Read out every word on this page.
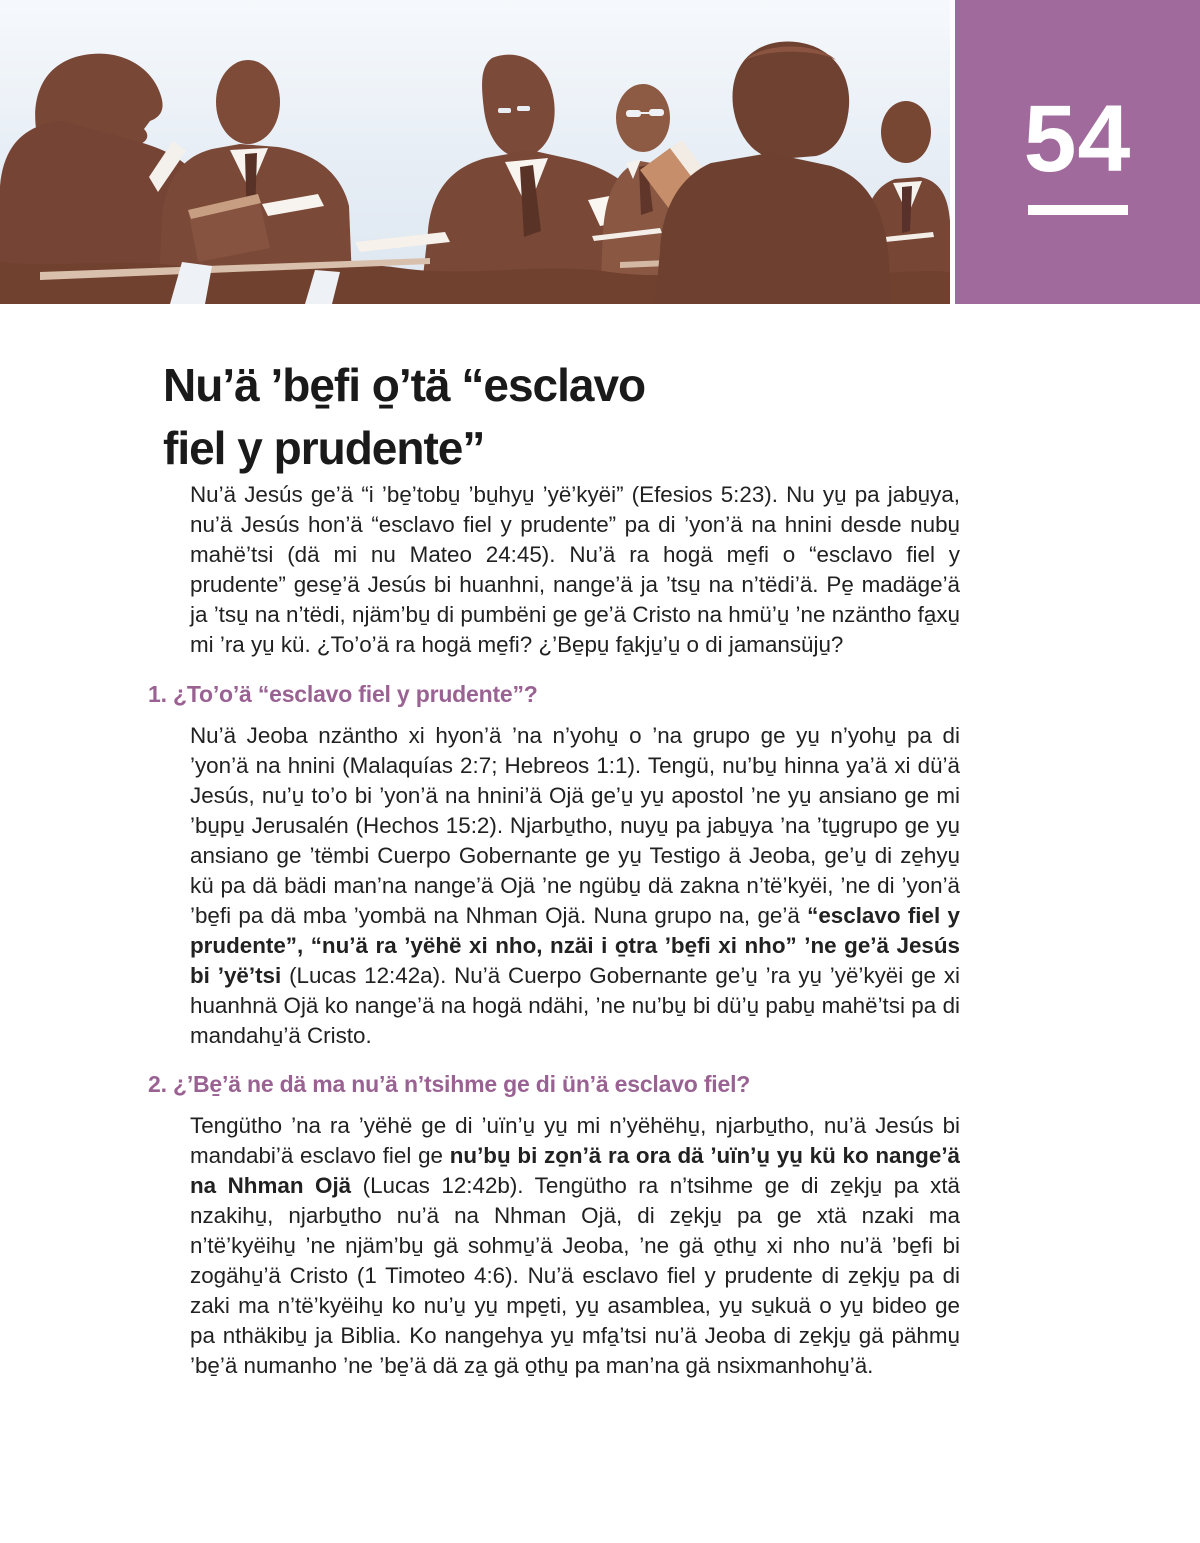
54
Nu’ä ’be̱fi o̱’tä “esclavo
fiel y prudente”

Nu’ä Jesús ge’ä “i ’be̱’tobu̱ ’bu̱hyu̱ ’yë’kyëi” (Efesios 5:23). Nu yu̱ pa jabu̱ya, nu’ä Jesús hon’ä “esclavo fiel y prudente” pa di ’yon’ä na hnini desde nubu̱ mahë’tsi (dä mi nu Mateo 24:45). Nu’ä ra hogä me̱fi o “esclavo fiel y prudente” gese̱’ä Jesús bi huanhni, nange’ä ja ’tsu̱ na n’tëdi’ä. Pe̱ madäge’ä ja ’tsu̱ na n’tëdi, njäm’bu̱ di pumbëni ge ge’ä Cristo na hmü’u̱ ’ne nzäntho fa̱xu̱ mi ’ra yu̱ kü. ¿To’o’ä ra hogä me̱fi? ¿’Be̱pu̱ fa̱kju̱’u̱ o di jamansüju̱?

1. ¿To’o’ä “esclavo fiel y prudente”?

Nu’ä Jeoba nzäntho xi hyon’ä ’na n’yohu̱ o ’na grupo ge yu̱ n’yohu̱ pa di ’yon’ä na hnini (Malaquías 2:7; Hebreos 1:1). Tengü, nu’bu̱ hinna ya’ä xi dü’ä Jesús, nu’u̱ to’o bi ’yon’ä na hnini’ä Ojä ge’u̱ yu̱ apostol ’ne yu̱ ansiano ge mi ’bu̱pu̱ Jerusalén (Hechos 15:2). Njarbu̱tho, nuyu̱ pa jabu̱ya ’na ’tu̱grupo ge yu̱ ansiano ge ’tëmbi Cuerpo Gobernante ge yu̱ Testigo ä Jeoba, ge’u̱ di ze̱hyu̱ kü pa dä bädi man’na nange’ä Ojä ’ne ngübu̱ dä zakna n’të’kyëi, ’ne di ’yon’ä ’be̱fi pa dä mba ’yombä na Nhman Ojä. Nuna grupo na, ge’ä “esclavo fiel y prudente”, “nu’ä ra ’yëhë xi nho, nzäi i o̱tra ’be̱fi xi nho” ’ne ge’ä Jesús bi ’yë’tsi (Lucas 12:42a). Nu’ä Cuerpo Gobernante ge’u̱ ’ra yu̱ ’yë’kyëi ge xi huanhnä Ojä ko nange’ä na hogä ndähi, ’ne nu’bu̱ bi dü’u̱ pabu̱ mahë’tsi pa di mandahu̱’ä Cristo.

2. ¿’Be̱’ä ne dä ma nu’ä n’tsihme ge di ün’ä esclavo fiel?

Tengütho ’na ra ’yëhë ge di ’uïn’u̱ yu̱ mi n’yëhëhu̱, njarbu̱tho, nu’ä Jesús bi mandabi’ä esclavo fiel ge nu’bu̱ bi zo̱n’ä ra ora dä ’uïn’u̱ yu̱ kü ko nange’ä na Nhman Ojä (Lucas 12:42b). Tengütho ra n’tsihme ge di ze̱kju̱ pa xtä nzakihu̱, njarbu̱tho nu’ä na Nhman Ojä, di ze̱kju̱ pa ge xtä nzaki ma n’të’kyëihu̱ ’ne njäm’bu̱ gä sohmu̱’ä Jeoba, ’ne gä o̱thu̱ xi nho nu’ä ’be̱fi bi zogähu̱’ä Cristo (1 Timoteo 4:6). Nu’ä esclavo fiel y prudente di ze̱kju̱ pa di zaki ma n’të’kyëihu̱ ko nu’u̱ yu̱ mpe̱ti, yu̱ asamblea, yu̱ su̱kuä o yu̱ bideo ge pa nthäkibu̱ ja Biblia. Ko nangehya yu̱ mfa̱’tsi nu’ä Jeoba di ze̱kju̱ gä pähmu̱ ’be̱’ä numanho ’ne ’be̱’ä dä za̱ gä o̱thu̱ pa man’na gä nsixmanhohu̱’ä.
